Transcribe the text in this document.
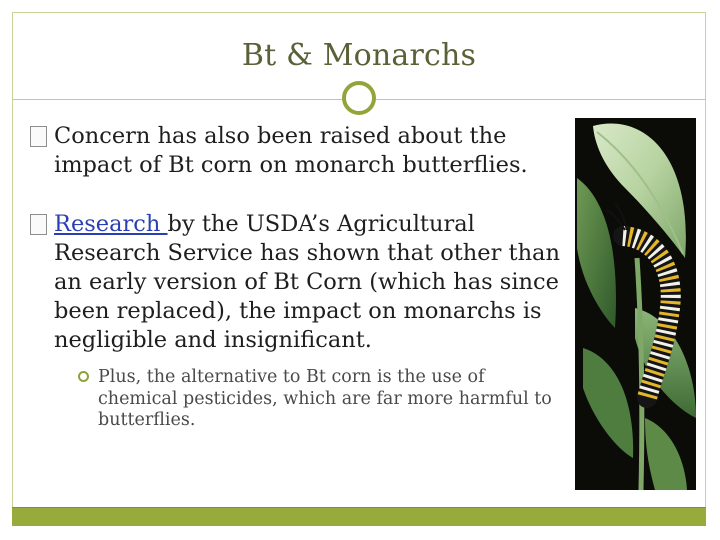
Bt & Monarchs
Concern has also been raised about the impact of Bt corn on monarch butterflies.
Research by the USDA’s Agricultural Research Service has shown that other than an early version of Bt Corn (which has since been replaced), the impact on monarchs is negligible and insignificant.
Plus, the alternative to Bt corn is the use of chemical pesticides, which are far more harmful to butterflies.
